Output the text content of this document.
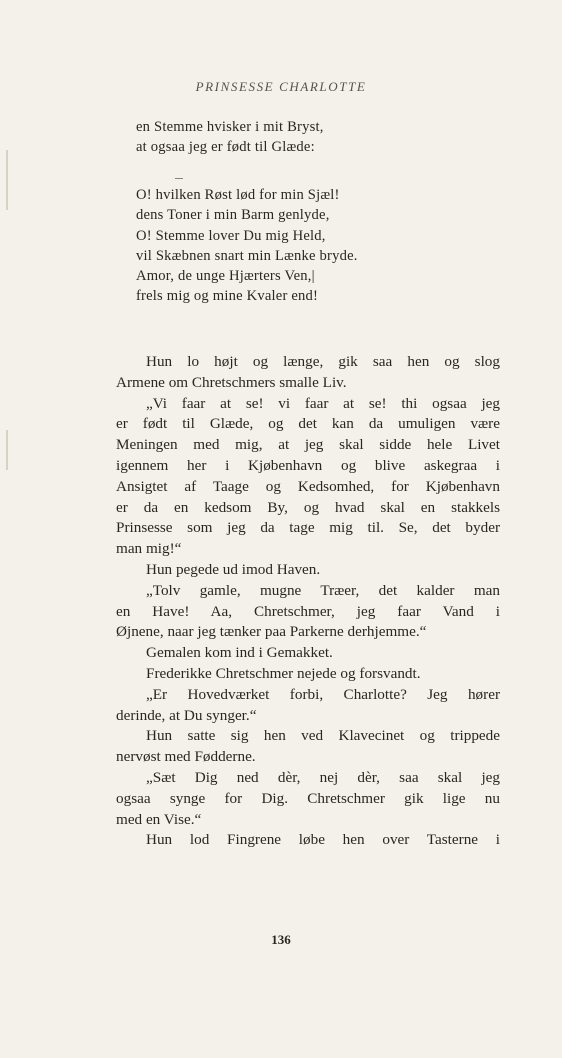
PRINSESSE CHARLOTTE
en Stemme hvisker i mit Bryst,
at ogsaa jeg er født til Glæde:
O! hvilken Røst lød for min Sjæl!
dens Toner i min Barm genlyde,
O! Stemme lover Du mig Held,
vil Skæbnen snart min Lænke bryde.
Amor, de unge Hjærters Ven,|
frels mig og mine Kvaler end!
Hun lo højt og længe, gik saa hen og slog
Armene om Chretschmers smalle Liv.
„Vi faar at se! vi faar at se! thi ogsaa jeg
er født til Glæde, og det kan da umuligen være
Meningen med mig, at jeg skal sidde hele Livet
igennem her i Kjøbenhavn og blive askegraa i
Ansigtet af Taage og Kedsomhed, for Kjøbenhavn
er da en kedsom By, og hvad skal en stakkels
Prinsesse som jeg da tage mig til. Se, det byder
man mig!“
Hun pegede ud imod Haven.
„Tolv gamle, mugne Træer, det kalder man
en Have! Aa, Chretschmer, jeg faar Vand i
Øjnene, naar jeg tænker paa Parkerne derhjemme.“
Gemalen kom ind i Gemakket.
Frederikke Chretschmer nejede og forsvandt.
„Er Hovedværket forbi, Charlotte? Jeg hører
derinde, at Du synger.“
Hun satte sig hen ved Klavecinet og trippede
nervøst med Fødderne.
„Sæt Dig ned dèr, nej dèr, saa skal jeg
ogsaa synge for Dig. Chretschmer gik lige nu
med en Vise.“
Hun lod Fingrene løbe hen over Tasterne i
136
